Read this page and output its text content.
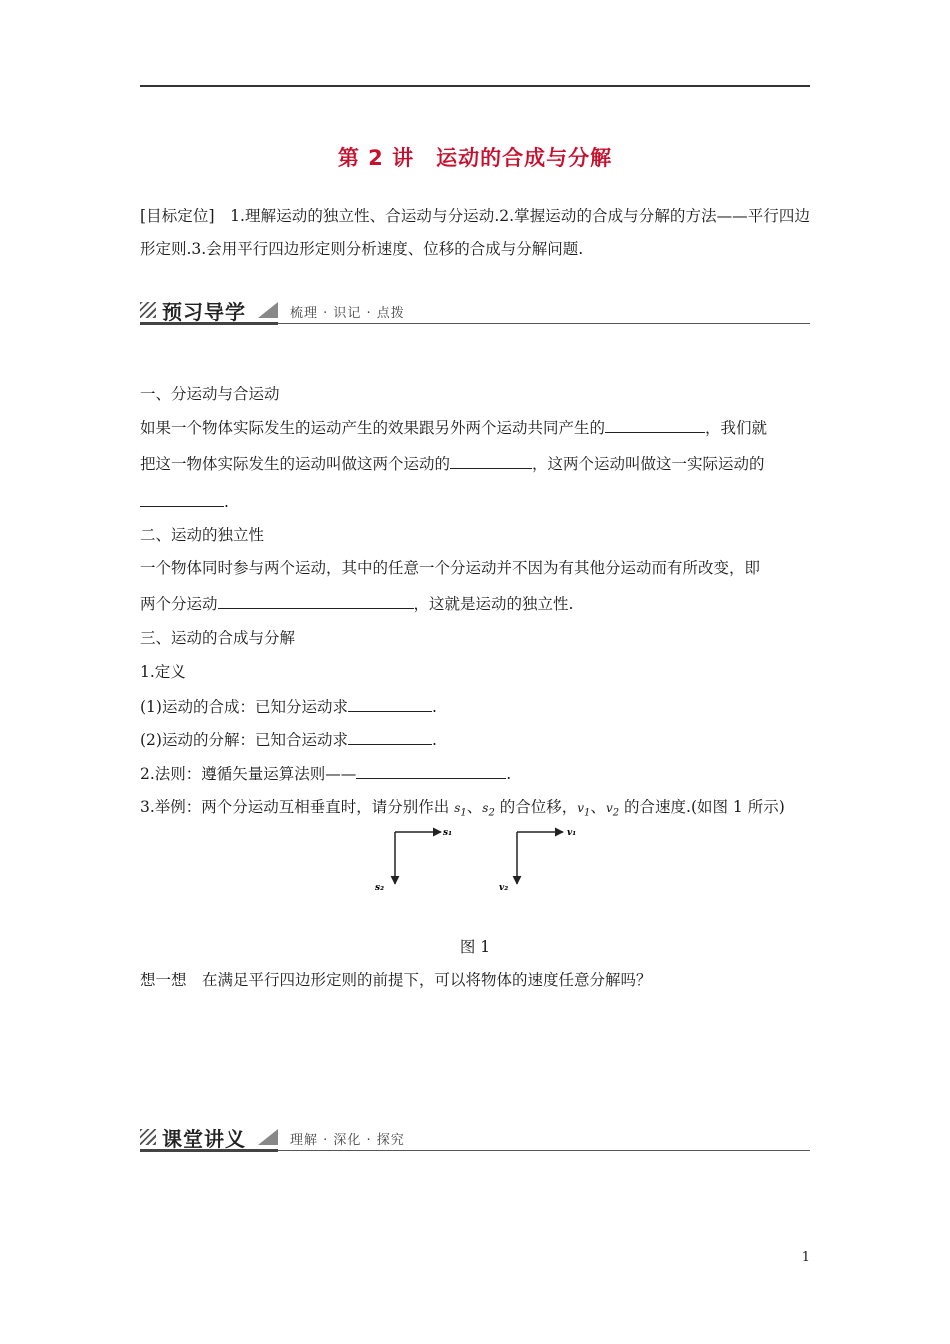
第 2 讲　运动的合成与分解
[目标定位]　1.理解运动的独立性、合运动与分运动.2.掌握运动的合成与分解的方法——平行四边形定则.3.会用平行四边形定则分析速度、位移的合成与分解问题.
预习导学	梳理 · 识记 · 点拨
一、分运动与合运动
如果一个物体实际发生的运动产生的效果跟另外两个运动共同产生的	，我们就
把这一物体实际发生的运动叫做这两个运动的	，这两个运动叫做这一实际运动的
.
二、运动的独立性
一个物体同时参与两个运动，其中的任意一个分运动并不因为有其他分运动而有所改变，即
两个分运动	，这就是运动的独立性.
三、运动的合成与分解
1.定义
(1)运动的合成：已知分运动求	.
(2)运动的分解：已知合运动求	.
2.法则：遵循矢量运算法则——	.
3.举例：两个分运动互相垂直时，请分别作出 $s_1$、$s_2$ 的合位移，$v_1$、$v_2$ 的合速度.(如图 1 所示)
s₁
s₂
v₁
v₂
图 1
想一想　在满足平行四边形定则的前提下，可以将物体的速度任意分解吗？
课堂讲义	理解 · 深化 · 探究
1
